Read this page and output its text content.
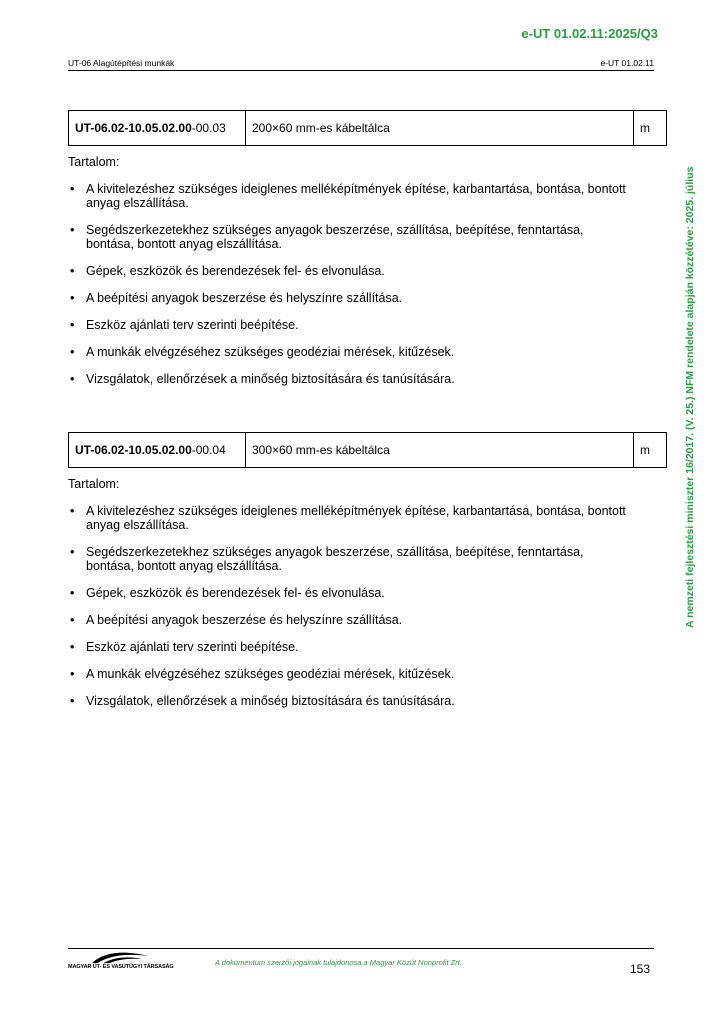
e-UT 01.02.11:2025/Q3
UT-06 Alagútépítési munkák	e-UT 01.02.11
A nemzeti fejlesztési miniszter 16/2017. (V. 25.) NFM rendelete alapján közzétéve: 2025. július
UT-06.02-10.05.02.00-00.03	200×60 mm-es kábeltálca	m
Tartalom:
• A kivitelezéshez szükséges ideiglenes melléképítmények építése, karbantartása, bontása, bontott anyag elszállítása.
• Segédszerkezetekhez szükséges anyagok beszerzése, szállítása, beépítése, fenntartása, bontása, bontott anyag elszállítása.
• Gépek, eszközök és berendezések fel- és elvonulása.
• A beépítési anyagok beszerzése és helyszínre szállítása.
• Eszköz ajánlati terv szerinti beépítése.
• A munkák elvégzéséhez szükséges geodéziai mérések, kitűzések.
• Vizsgálatok, ellenőrzések a minőség biztosítására és tanúsítására.
UT-06.02-10.05.02.00-00.04	300×60 mm-es kábeltálca	m
Tartalom:
• A kivitelezéshez szükséges ideiglenes melléképítmények építése, karbantartása, bontása, bontott anyag elszállítása.
• Segédszerkezetekhez szükséges anyagok beszerzése, szállítása, beépítése, fenntartása, bontása, bontott anyag elszállítása.
• Gépek, eszközök és berendezések fel- és elvonulása.
• A beépítési anyagok beszerzése és helyszínre szállítása.
• Eszköz ajánlati terv szerinti beépítése.
• A munkák elvégzéséhez szükséges geodéziai mérések, kitűzések.
• Vizsgálatok, ellenőrzések a minőség biztosítására és tanúsítására.
MAGYAR ÚT- ÉS VASÚTÜGYI TÁRSASÁG	A dokumentum szerzői jogainak tulajdonosa a Magyar Közút Nonprofit Zrt.	153
